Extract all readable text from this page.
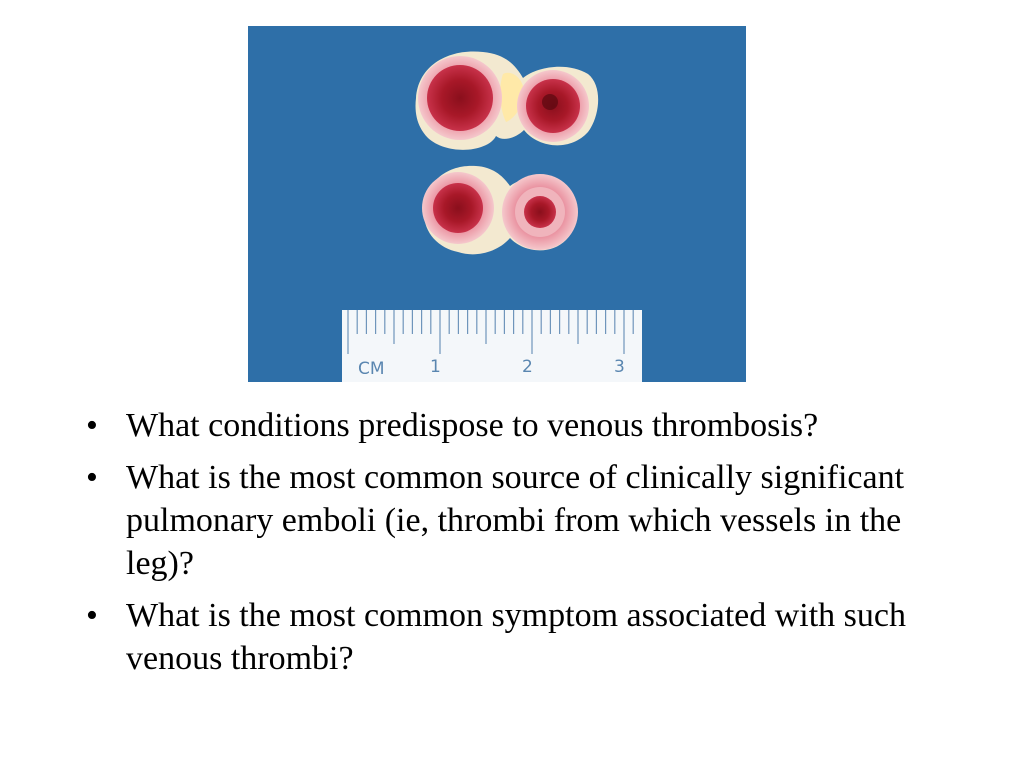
CM	1	2	3
• What conditions predispose to venous thrombosis?
• What is the most common source of clinically significant pulmonary emboli (ie, thrombi from which vessels in the leg)?
• What is the most common symptom associated with such venous thrombi?
